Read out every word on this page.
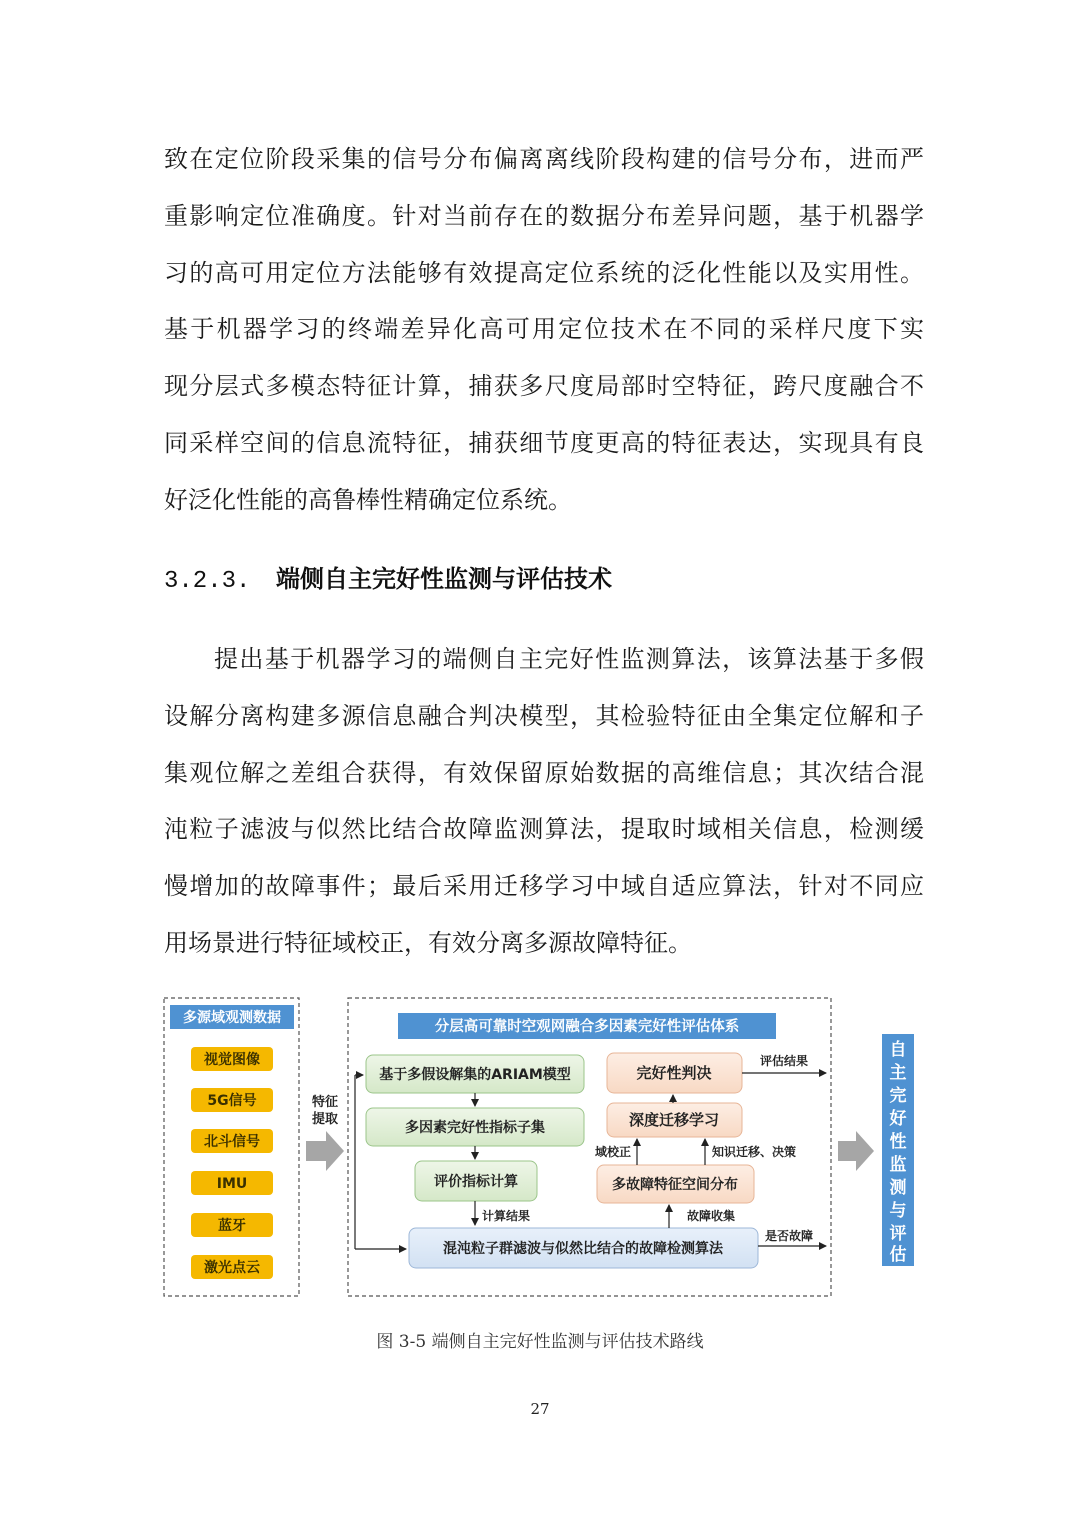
致在定位阶段采集的信号分布偏离离线阶段构建的信号分布，进而严
重影响定位准确度。针对当前存在的数据分布差异问题，基于机器学
习的高可用定位方法能够有效提高定位系统的泛化性能以及实用性。
基于机器学习的终端差异化高可用定位技术在不同的采样尺度下实
现分层式多模态特征计算，捕获多尺度局部时空特征，跨尺度融合不
同采样空间的信息流特征，捕获细节度更高的特征表达，实现具有良
好泛化性能的高鲁棒性精确定位系统。
3.2.3. 端侧自主完好性监测与评估技术
提出基于机器学习的端侧自主完好性监测算法，该算法基于多假
设解分离构建多源信息融合判决模型，其检验特征由全集定位解和子
集观位解之差组合获得，有效保留原始数据的高维信息；其次结合混
沌粒子滤波与似然比结合故障监测算法，提取时域相关信息，检测缓
慢增加的故障事件；最后采用迁移学习中域自适应算法，针对不同应
用场景进行特征域校正，有效分离多源故障特征。
多源域观测数据
视觉图像
5G信号
北斗信号
IMU
蓝牙
激光点云
特征
提取
分层高可靠时空观网融合多因素完好性评估体系
基于多假设解集的ARIAM模型
多因素完好性指标子集
评价指标计算
计算结果
混沌粒子群滤波与似然比结合的故障检测算法
是否故障
故障收集
多故障特征空间分布
域校正	知识迁移、决策
深度迁移学习
完好性判决
评估结果
自
主
完
好
性
监
测
与
评
估
图 3-5 端侧自主完好性监测与评估技术路线
27
